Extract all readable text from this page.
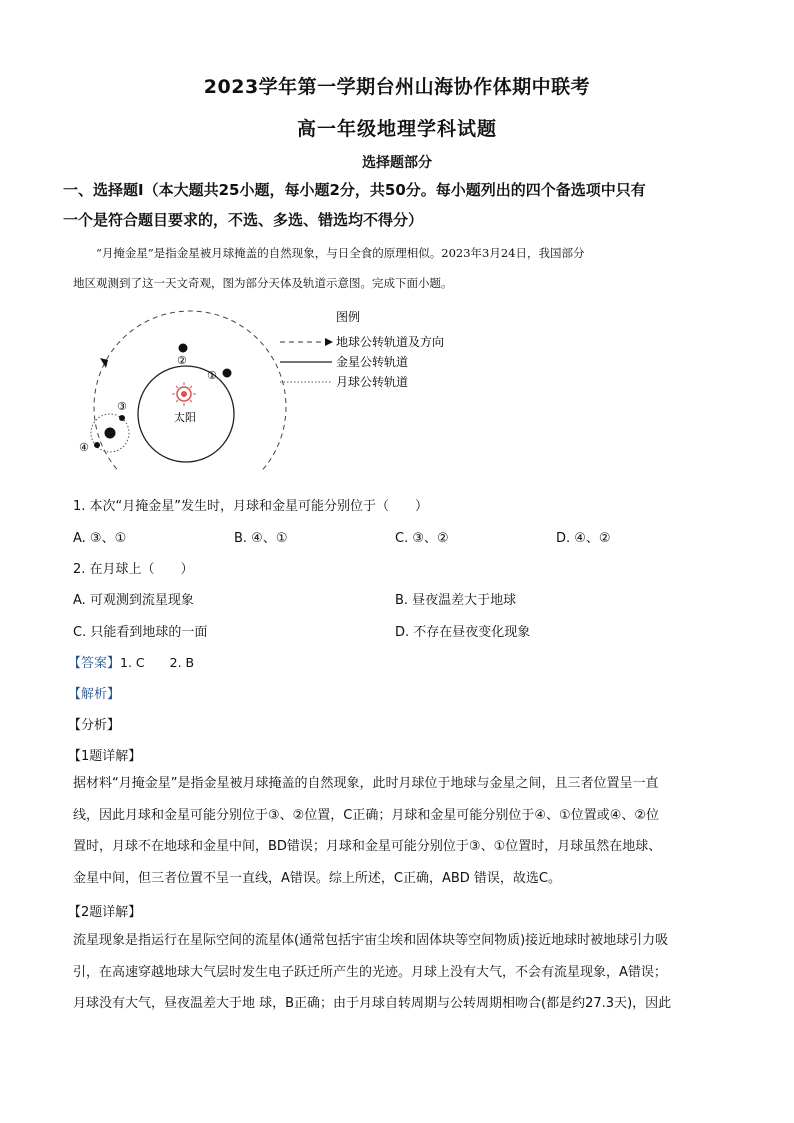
2023学年第一学期台州山海协作体期中联考
高一年级地理学科试题
选择题部分
一、选择题Ⅰ（本大题共25小题，每小题2分，共50分。每小题列出的四个备选项中只有
一个是符合题目要求的，不选、多选、错选均不得分）
“月掩金星”是指金星被月球掩盖的自然现象，与日全食的原理相似。2023年3月24日，我国部分
地区观测到了这一天文奇观，图为部分天体及轨道示意图。完成下面小题。
太阳
①
②
③
④
图例
地球公转轨道及方向
金星公转轨道
月球公转轨道
1. 本次“月掩金星”发生时，月球和金星可能分别位于（　　）
A. ③、①	B. ④、①	C. ③、②	D. ④、②
2. 在月球上（　　）
A. 可观测到流星现象	B. 昼夜温差大于地球
C. 只能看到地球的一面	D. 不存在昼夜变化现象
【答案】1. C　　2. B
【解析】
【分析】
【1题详解】
据材料“月掩金星”是指金星被月球掩盖的自然现象，此时月球位于地球与金星之间，且三者位置呈一直
线，因此月球和金星可能分别位于③、②位置，C正确；月球和金星可能分别位于④、①位置或④、②位
置时，月球不在地球和金星中间，BD错误；月球和金星可能分别位于③、①位置时，月球虽然在地球、
金星中间，但三者位置不呈一直线，A错误。综上所述，C正确，ABD 错误，故选C。
【2题详解】
流星现象是指运行在星际空间的流星体(通常包括宇宙尘埃和固体块等空间物质)接近地球时被地球引力吸
引，在高速穿越地球大气层时发生电子跃迁所产生的光迹。月球上没有大气，不会有流星现象，A错误；
月球没有大气，昼夜温差大于地 球，B正确；由于月球自转周期与公转周期相吻合(都是约27.3天)，因此
